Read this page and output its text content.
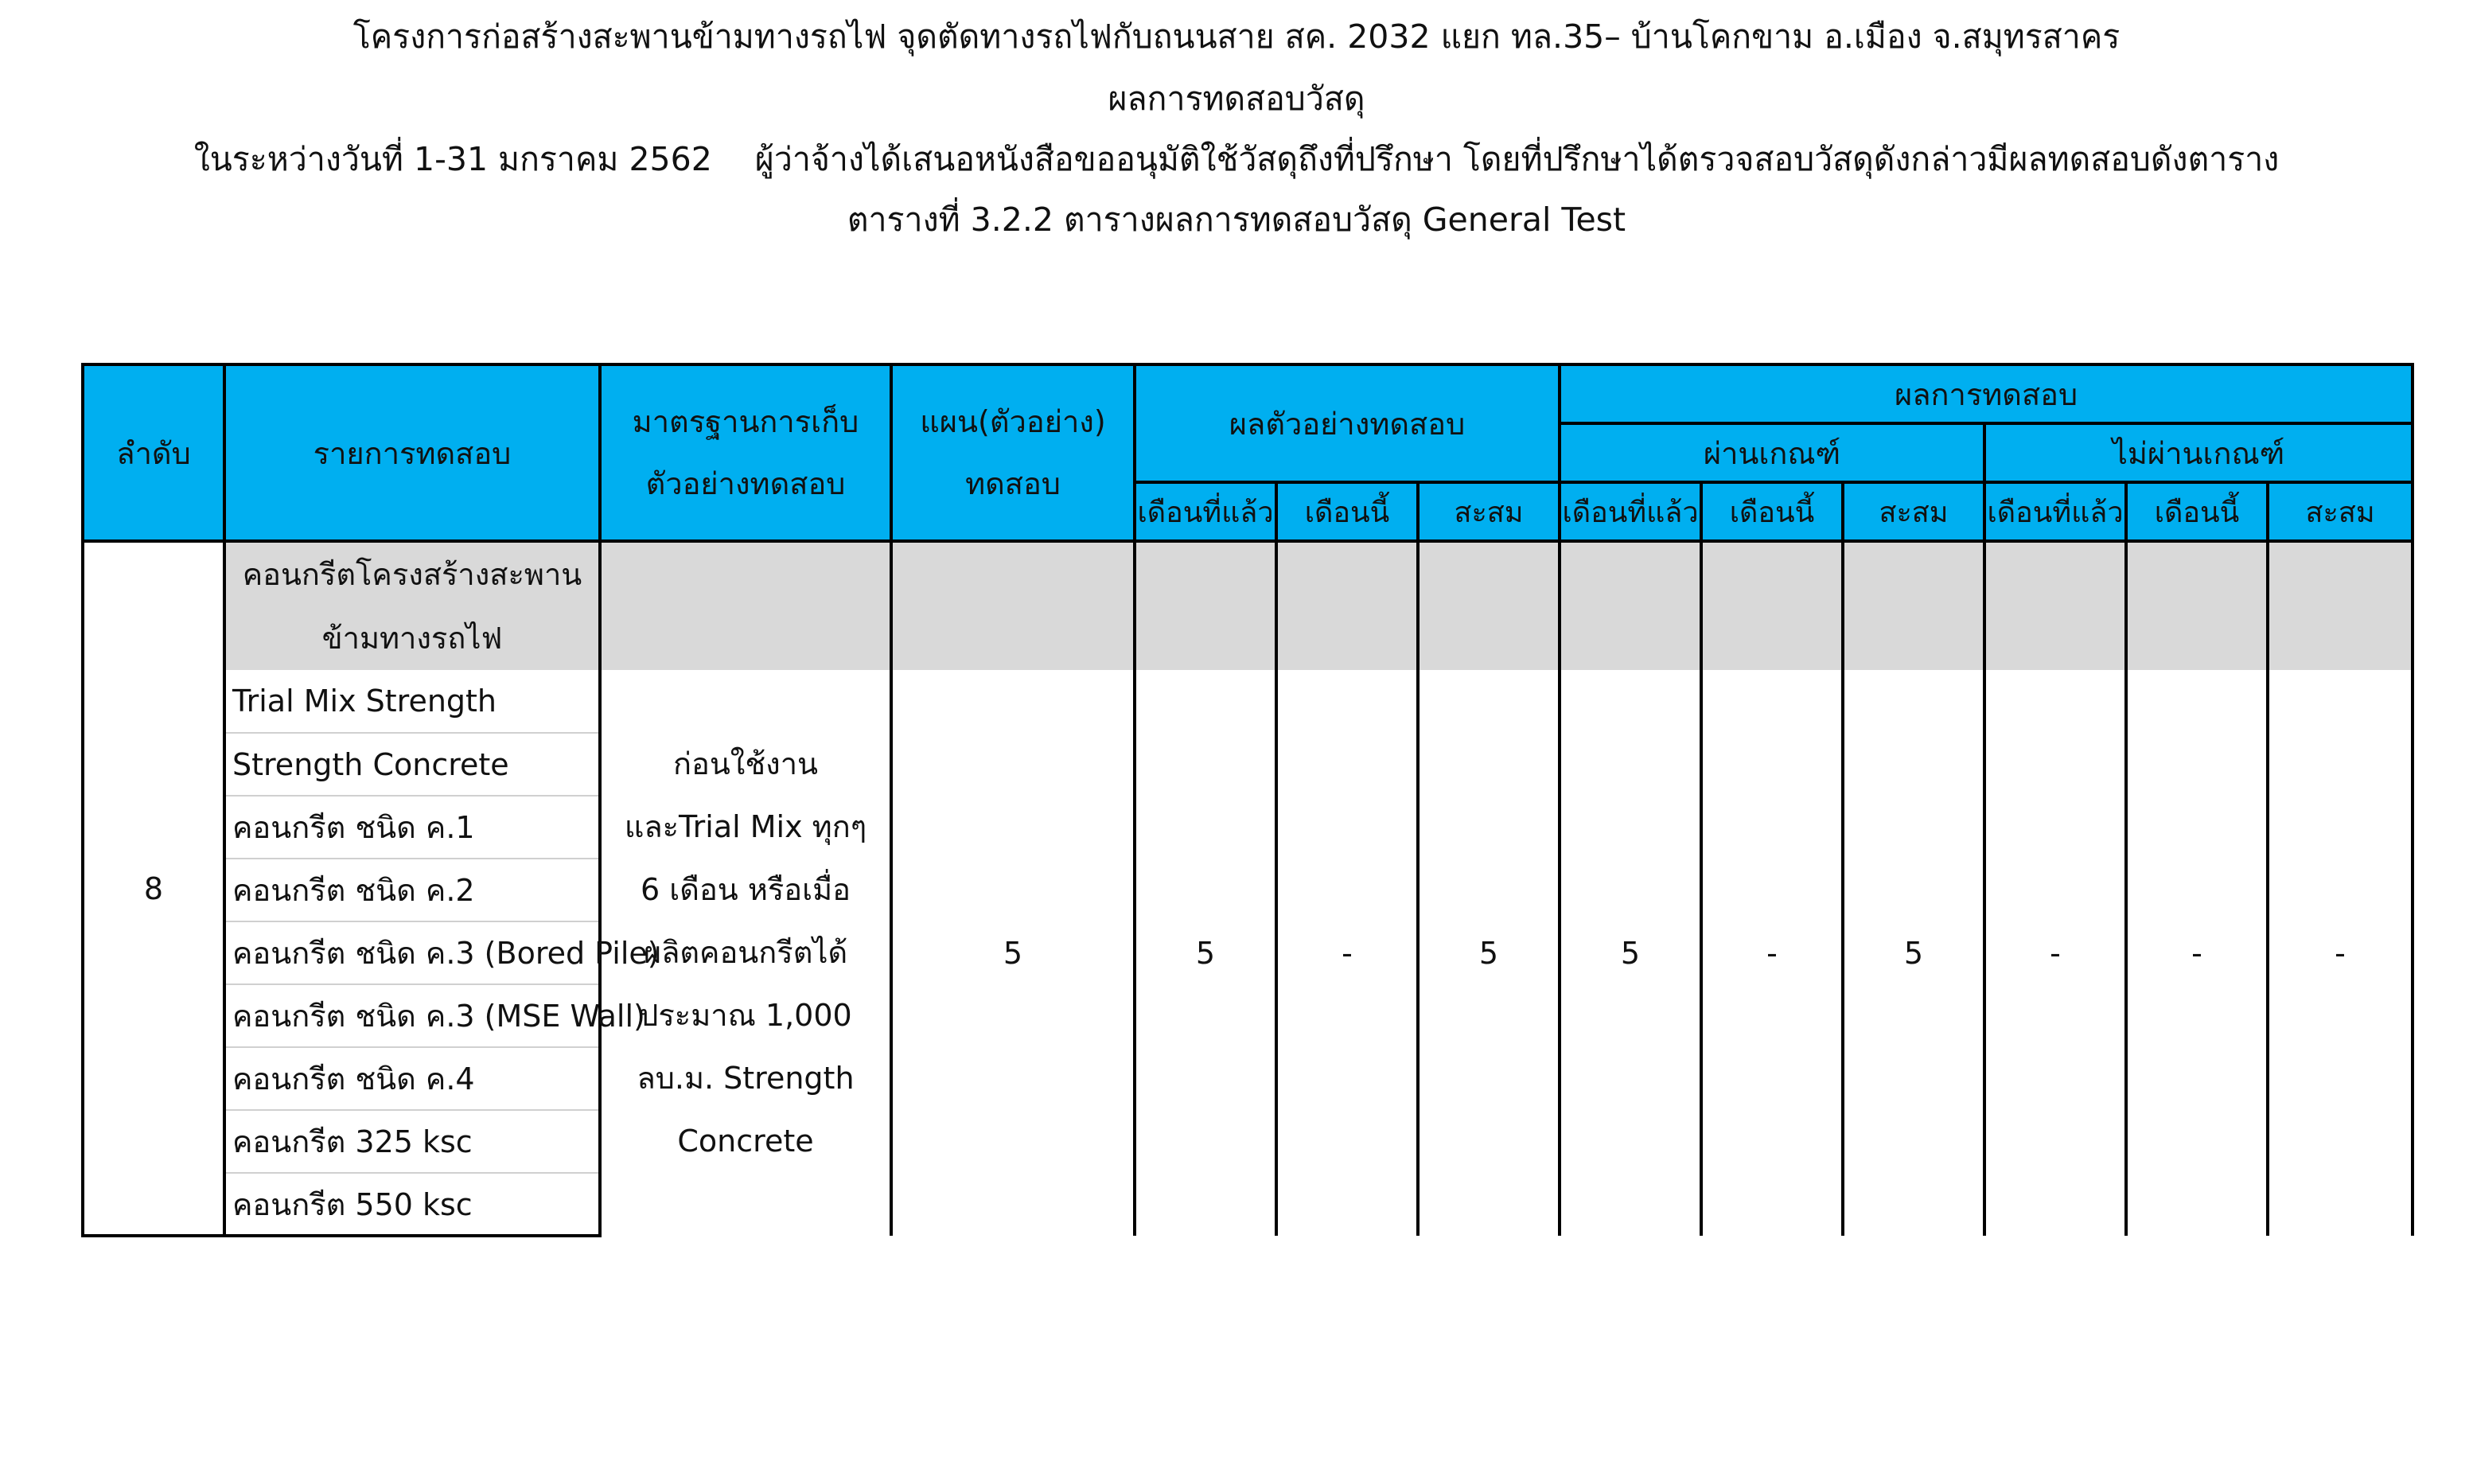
โครงการก่อสร้างสะพานข้ามทางรถไฟ จุดตัดทางรถไฟกับถนนสาย สค. 2032 แยก ทล.35– บ้านโคกขาม อ.เมือง จ.สมุทรสาคร
ผลการทดสอบวัสดุ
ในระหว่างวันที่ 1-31 มกราคม 2562 ผู้ว่าจ้างได้เสนอหนังสือขออนุมัติใช้วัสดุถึงที่ปรึกษา โดยที่ปรึกษาได้ตรวจสอบวัสดุดังกล่าวมีผลทดสอบดังตาราง
ตารางที่ 3.2.2 ตารางผลการทดสอบวัสดุ General Test
ลำดับ	รายการทดสอบ	มาตรฐานการเก็บตัวอย่างทดสอบ	แผน(ตัวอย่าง) ทดสอบ	ผลตัวอย่างทดสอบ			ผลการทดสอบ					
							ผ่านเกณฑ์			ไม่ผ่านเกณฑ์		
				เดือนที่แล้ว	เดือนนี้	สะสม	เดือนที่แล้ว	เดือนนี้	สะสม	เดือนที่แล้ว	เดือนนี้	สะสม
8	คอนกรีตโครงสร้างสะพานข้ามทางรถไฟ											
	Trial Mix Strength	ก่อนใช้งานและTrial Mix ทุกๆ 6 เดือน หรือเมื่อผลิตคอนกรีตได้ประมาณ 1,000 ลบ.ม. Strength Concrete	5	5	-	5	5	-	5	-	-	-
	Strength Concrete											
	คอนกรีต ชนิด ค.1											
	คอนกรีต ชนิด ค.2											
	คอนกรีต ชนิด ค.3 (Bored Pile)											
	คอนกรีต ชนิด ค.3 (MSE Wall)											
	คอนกรีต ชนิด ค.4											
	คอนกรีต 325 ksc											
	คอนกรีต 550 ksc											
